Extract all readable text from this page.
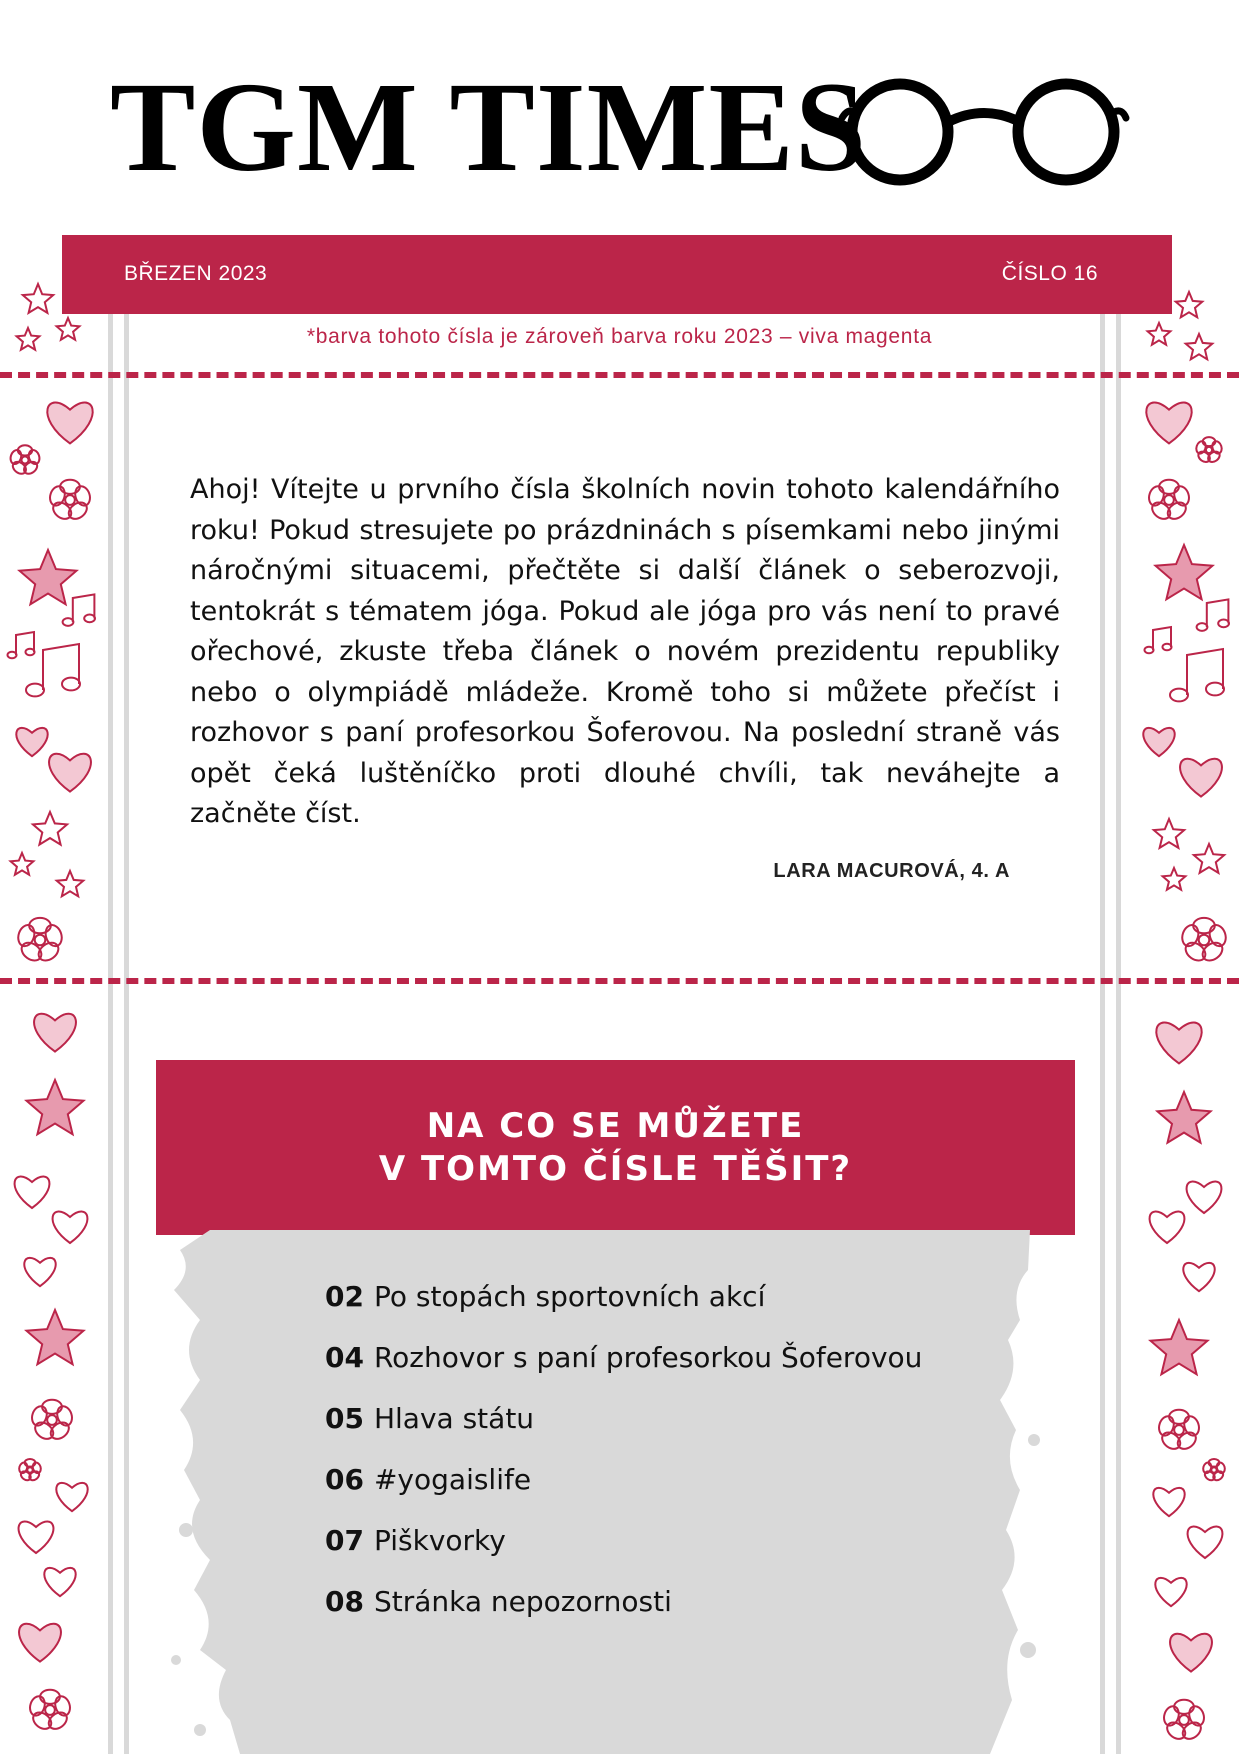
TGM TIMES
BŘEZEN 2023	ČÍSLO 16
*barva tohoto čísla je zároveň barva roku 2023 – viva magenta
Ahoj! Vítejte u prvního čísla školních novin tohoto kalendářního roku! Pokud stresujete po prázdninách s písemkami nebo jinými náročnými situacemi, přečtěte si další článek o seberozvoji, tentokrát s tématem jóga. Pokud ale jóga pro vás není to pravé ořechové, zkuste třeba článek o novém prezidentu republiky nebo o olympiádě mládeže. Kromě toho si můžete přečíst i rozhovor s paní profesorkou Šoferovou. Na poslední straně vás opět čeká luštěníčko proti dlouhé chvíli, tak neváhejte a začněte číst.
LARA MACUROVÁ, 4. A
NA CO SE MŮŽETE
V TOMTO ČÍSLE TĚŠIT?
02 Po stopách sportovních akcí
04 Rozhovor s paní profesorkou Šoferovou
05 Hlava státu
06 #yogaislife
07 Piškvorky
08 Stránka nepozornosti
